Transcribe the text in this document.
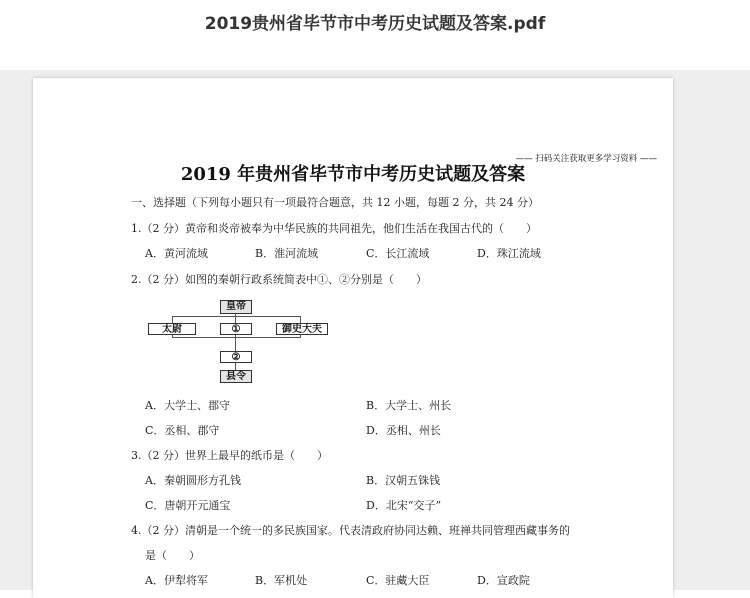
2019贵州省毕节市中考历史试题及答案.pdf
—— 扫码关注获取更多学习资料 ——
2019 年贵州省毕节市中考历史试题及答案
一、选择题（下列每小题只有一项最符合题意，共 12 小题，每题 2 分，共 24 分）
1.（2 分）黄帝和炎帝被奉为中华民族的共同祖先，他们生活在我国古代的（　　）
A．黄河流域	B．淮河流域	C．长江流域	D．珠江流域
2.（2 分）如图的秦朝行政系统简表中①、②分别是（　　）
皇帝
太尉	①	御史大夫
②
县令
A．大学士、郡守	B．大学士、州长
C．丞相、郡守	D．丞相、州长
3.（2 分）世界上最早的纸币是（　　）
A．秦朝圆形方孔钱	B．汉朝五铢钱
C．唐朝开元通宝	D．北宋“交子”
4.（2 分）清朝是一个统一的多民族国家。代表清政府协同达赖、班禅共同管理西藏事务的
是（　　）
A．伊犁将军	B．军机处	C．驻藏大臣	D．宣政院
